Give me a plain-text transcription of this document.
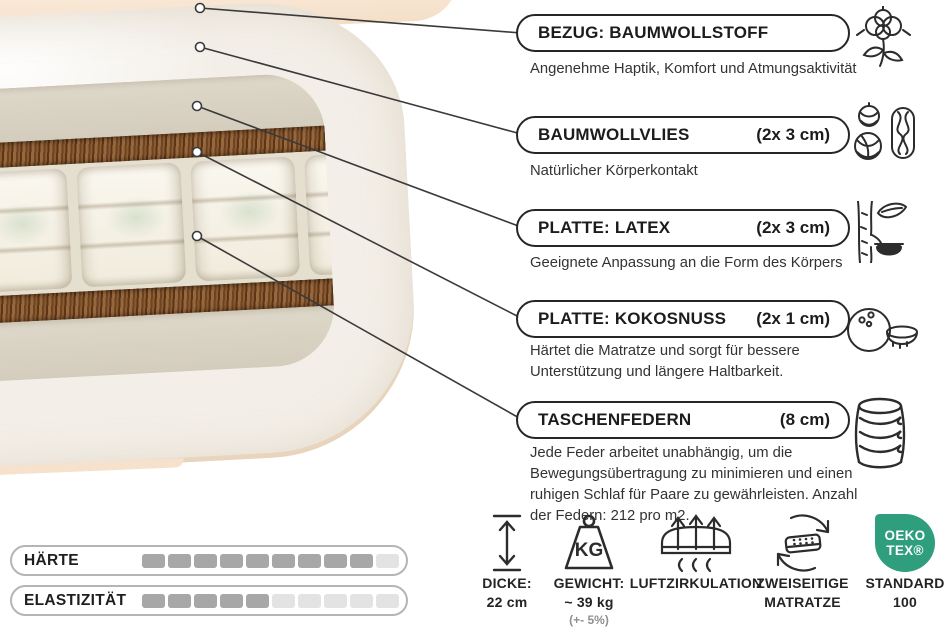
BEZUG: BAUMWOLLSTOFF
Angenehme Haptik, Komfort und Atmungsaktivität
BAUMWOLLVLIES	(2x 3 cm)
Natürlicher Körperkontakt
PLATTE: LATEX	(2x 3 cm)
Geeignete Anpassung an die Form des Körpers
PLATTE: KOKOSNUSS (2x 1 cm)
Härtet die Matratze und sorgt für bessere Unterstützung und längere Haltbarkeit.
TASCHENFEDERN	(8 cm)
Jede Feder arbeitet unabhängig, um die Bewegungsübertragung zu minimieren und einen ruhigen Schlaf für Paare zu gewährleisten. Anzahl der Federn: 212 pro m2.
HÄRTE
ELASTIZITÄT
DICKE:
22 cm
KG
GEWICHT:
~ 39 kg
(+- 5%)
LUFTZIRKULATION
ZWEISEITIGE
MATRATZE
OEKO
TEX®
STANDARD
100
